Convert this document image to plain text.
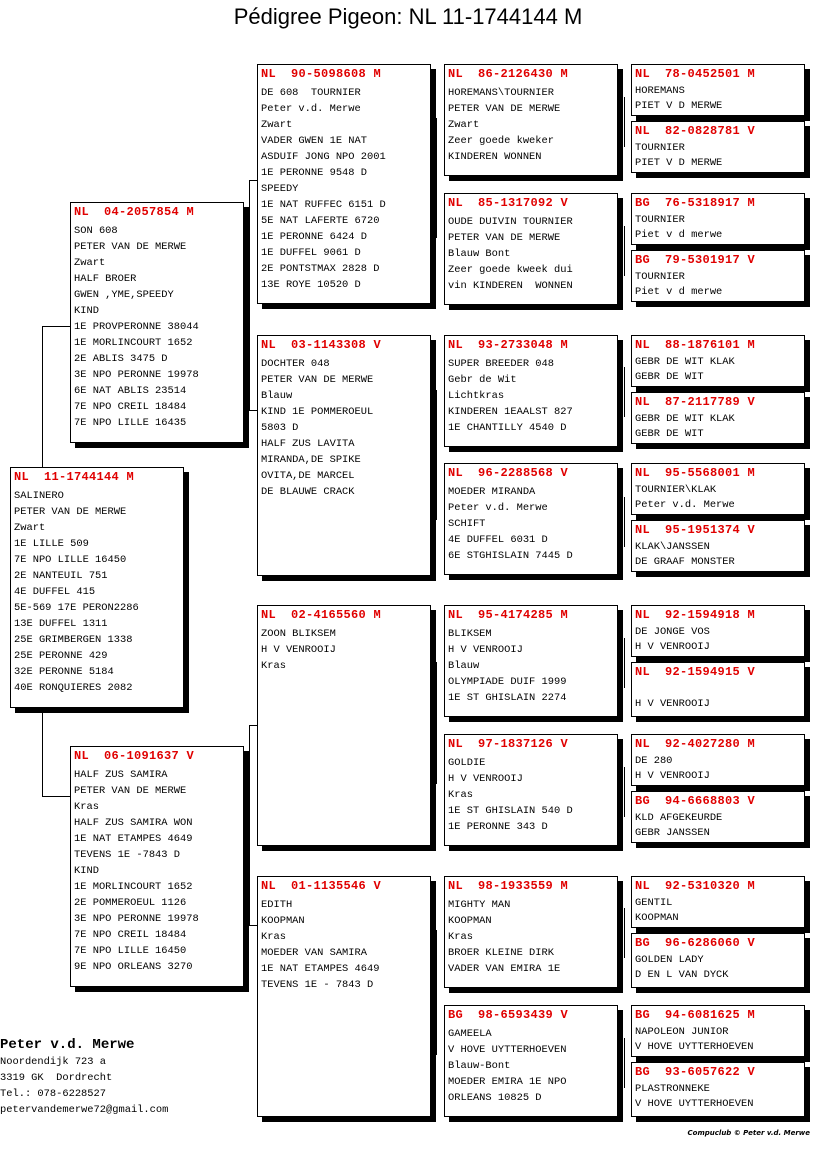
Pédigree Pigeon: NL 11-1744144 M
NL  11-1744144 M
SALINERO
PETER VAN DE MERWE
Zwart
1E LILLE 509
7E NPO LILLE 16450
2E NANTEUIL 751
4E DUFFEL 415
5E-569 17E PERON2286
13E DUFFEL 1311
25E GRIMBERGEN 1338
25E PERONNE 429
32E PERONNE 5184
40E RONQUIERES 2082
NL  04-2057854 M
SON 608
PETER VAN DE MERWE
Zwart
HALF BROER
GWEN ,YME,SPEEDY
KIND
1E PROVPERONNE 38044
1E MORLINCOURT 1652
2E ABLIS 3475 D
3E NPO PERONNE 19978
6E NAT ABLIS 23514
7E NPO CREIL 18484
7E NPO LILLE 16435
NL  06-1091637 V
HALF ZUS SAMIRA
PETER VAN DE MERWE
Kras
HALF ZUS SAMIRA WON
1E NAT ETAMPES 4649
TEVENS 1E -7843 D
KIND
1E MORLINCOURT 1652
2E POMMEROEUL 1126
3E NPO PERONNE 19978
7E NPO CREIL 18484
7E NPO LILLE 16450
9E NPO ORLEANS 3270
NL  90-5098608 M
DE 608  TOURNIER
Peter v.d. Merwe
Zwart
VADER GWEN 1E NAT
ASDUIF JONG NPO 2001
1E PERONNE 9548 D
SPEEDY
1E NAT RUFFEC 6151 D
5E NAT LAFERTE 6720
1E PERONNE 6424 D
1E DUFFEL 9061 D
2E PONTSTMAX 2828 D
13E ROYE 10520 D
NL  03-1143308 V
DOCHTER 048
PETER VAN DE MERWE
Blauw
KIND 1E POMMEROEUL
5803 D
HALF ZUS LAVITA
MIRANDA,DE SPIKE
OVITA,DE MARCEL
DE BLAUWE CRACK
NL  02-4165560 M
ZOON BLIKSEM
H V VENROOIJ
Kras
NL  01-1135546 V
EDITH
KOOPMAN
Kras
MOEDER VAN SAMIRA
1E NAT ETAMPES 4649
TEVENS 1E - 7843 D
NL  86-2126430 M
HOREMANS\TOURNIER
PETER VAN DE MERWE
Zwart
Zeer goede kweker
KINDEREN WONNEN
NL  85-1317092 V
OUDE DUIVIN TOURNIER
PETER VAN DE MERWE
Blauw Bont
Zeer goede kweek dui
vin KINDEREN  WONNEN
NL  93-2733048 M
SUPER BREEDER 048
Gebr de Wit
Lichtkras
KINDEREN 1EAALST 827
1E CHANTILLY 4540 D
NL  96-2288568 V
MOEDER MIRANDA
Peter v.d. Merwe
SCHIFT
4E DUFFEL 6031 D
6E STGHISLAIN 7445 D
NL  95-4174285 M
BLIKSEM
H V VENROOIJ
Blauw
OLYMPIADE DUIF 1999
1E ST GHISLAIN 2274
NL  97-1837126 V
GOLDIE
H V VENROOIJ
Kras
1E ST GHISLAIN 540 D
1E PERONNE 343 D
NL  98-1933559 M
MIGHTY MAN
KOOPMAN
Kras
BROER KLEINE DIRK
VADER VAN EMIRA 1E
BG  98-6593439 V
GAMEELA
V HOVE UYTTERHOEVEN
Blauw-Bont
MOEDER EMIRA 1E NPO
ORLEANS 10825 D
NL  78-0452501 M
HOREMANS
PIET V D MERWE
NL  82-0828781 V
TOURNIER
PIET V D MERWE
BG  76-5318917 M
TOURNIER
Piet v d merwe
BG  79-5301917 V
TOURNIER
Piet v d merwe
NL  88-1876101 M
GEBR DE WIT KLAK
GEBR DE WIT
NL  87-2117789 V
GEBR DE WIT KLAK
GEBR DE WIT
NL  95-5568001 M
TOURNIER\KLAK
Peter v.d. Merwe
NL  95-1951374 V
KLAK\JANSSEN
DE GRAAF MONSTER
NL  92-1594918 M
DE JONGE VOS
H V VENROOIJ
NL  92-1594915 V

H V VENROOIJ
NL  92-4027280 M
DE 280
H V VENROOIJ
BG  94-6668803 V
KLD AFGEKEURDE
GEBR JANSSEN
NL  92-5310320 M
GENTIL
KOOPMAN
BG  96-6286060 V
GOLDEN LADY
D EN L VAN DYCK
BG  94-6081625 M
NAPOLEON JUNIOR
V HOVE UYTTERHOEVEN
BG  93-6057622 V
PLASTRONNEKE
V HOVE UYTTERHOEVEN
Peter v.d. Merwe
Noordendijk 723 a
3319 GK  Dordrecht
Tel.: 078-6228527
petervandemerwe72@gmail.com
Compuclub © Peter v.d. Merwe
